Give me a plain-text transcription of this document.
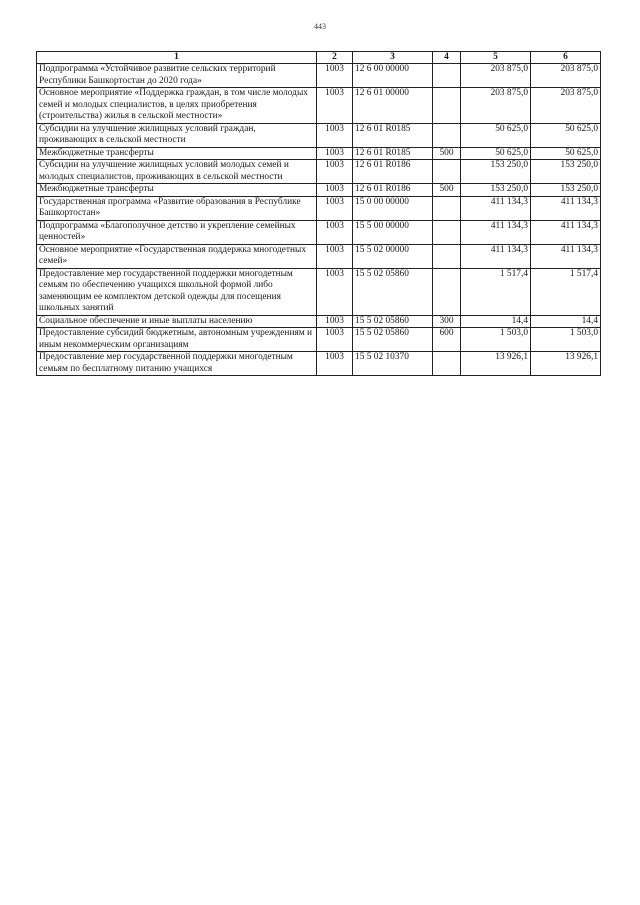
443
1	2	3	4	5	6
Подпрограмма «Устойчивое развитие сельских территорий Республики Башкортостан до 2020 года»	1003	12 6 00 00000		203 875,0	203 875,0
Основное мероприятие «Поддержка граждан, в том числе молодых семей и молодых специалистов, в целях приобретения (строительства) жилья в сельской местности»	1003	12 6 01 00000		203 875,0	203 875,0
Субсидии на улучшение жилищных условий граждан, проживающих в сельской местности	1003	12 6 01 R0185		50 625,0	50 625,0
Межбюджетные трансферты	1003	12 6 01 R0185	500	50 625,0	50 625,0
Субсидии на улучшение жилищных условий молодых семей и молодых специалистов, проживающих в сельской местности	1003	12 6 01 R0186		153 250,0	153 250,0
Межбюджетные трансферты	1003	12 6 01 R0186	500	153 250,0	153 250,0
Государственная программа «Развитие образования в Республике Башкортостан»	1003	15 0 00 00000		411 134,3	411 134,3
Подпрограмма «Благополучное детство и укрепление семейных ценностей»	1003	15 5 00 00000		411 134,3	411 134,3
Основное мероприятие «Государственная поддержка многодетных семей»	1003	15 5 02 00000		411 134,3	411 134,3
Предоставление мер государственной поддержки многодетным семьям по обеспечению учащихся школьной формой либо заменяющим ее комплектом детской одежды для посещения школьных занятий	1003	15 5 02 05860		1 517,4	1 517,4
Социальное обеспечение и иные выплаты населению	1003	15 5 02 05860	300	14,4	14,4
Предоставление субсидий бюджетным, автономным учреждениям и иным некоммерческим организациям	1003	15 5 02 05860	600	1 503,0	1 503,0
Предоставление мер государственной поддержки многодетным семьям по бесплатному питанию учащихся	1003	15 5 02 10370		13 926,1	13 926,1
